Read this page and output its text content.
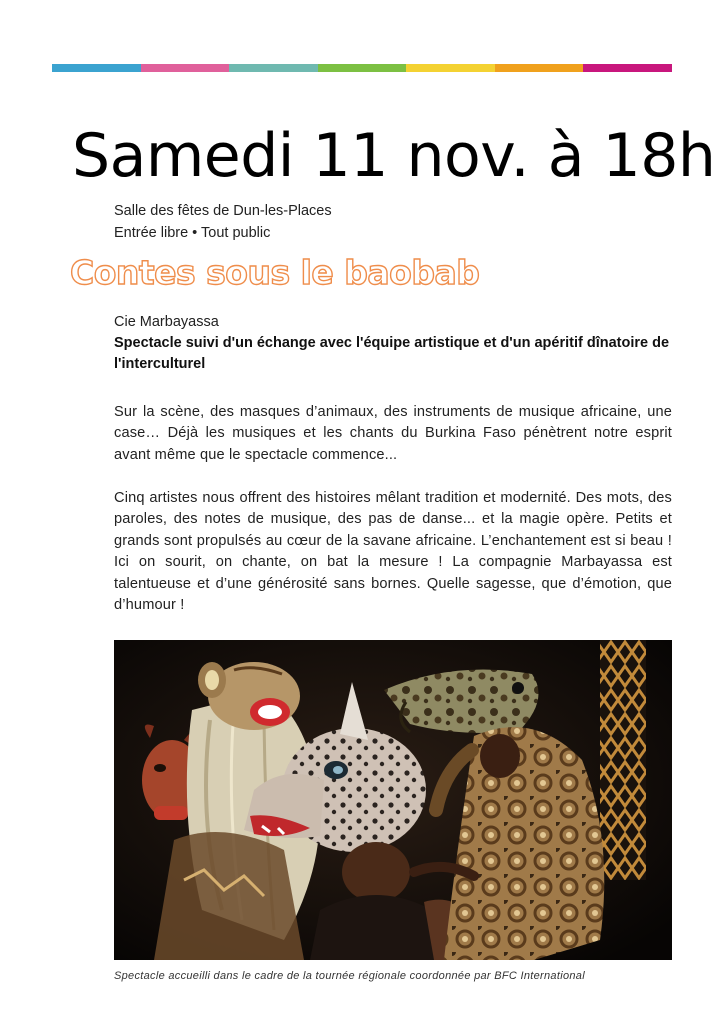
Samedi 11 nov. à 18h
Salle des fêtes de Dun-les-Places
Entrée libre • Tout public
Contes sous le baobab
Cie Marbayassa
Spectacle suivi d'un échange avec l'équipe artistique et d'un apéritif dînatoire de l'interculturel

Sur la scène, des masques d’animaux, des instruments de musique africaine, une case… Déjà les musiques et les chants du Burkina Faso pénètrent notre esprit avant même que le spectacle commence...

Cinq artistes nous offrent des histoires mêlant tradition et modernité. Des mots, des paroles, des notes de musique, des pas de danse... et la magie opère. Petits et grands sont propulsés au cœur de la savane africaine. L’enchantement est si beau ! Ici on sourit, on chante, on bat la mesure ! La compagnie Marbayassa est talentueuse et d’une générosité sans bornes. Quelle sagesse, que d’émotion, que d’humour !

Spectacle accueilli dans le cadre de la tournée régionale coordonnée par BFC International
